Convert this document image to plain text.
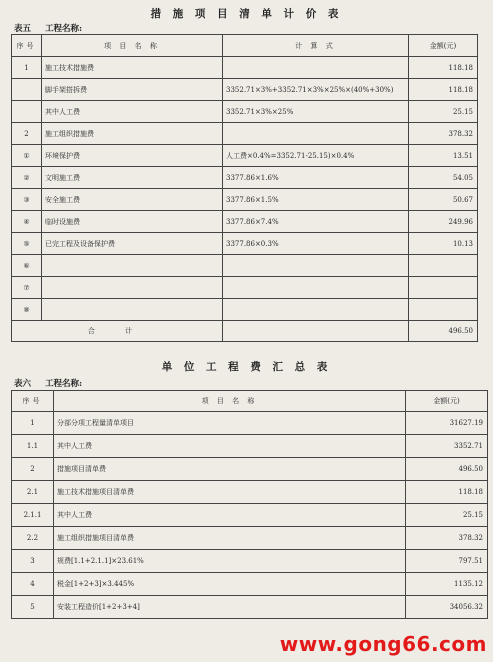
措 施 项 目 清 单 计 价 表
表五 工程名称:
序号	项 目 名 称	计 算 式	金额(元)
1	施工技术措施费		118.18
	脚手架搭拆费	3352.71×3%+3352.71×3%×25%×(40%+30%)	118.18
	其中人工费	3352.71×3%×25%	25.15
2	施工组织措施费		378.32
①	环境保护费	人工费×0.4%=3352.71-25.15)×0.4%	13.51
②	文明施工费	3377.86×1.6%	54.05
③	安全施工费	3377.86×1.5%	50.67
④	临时设施费	3377.86×7.4%	249.96
⑤	已完工程及设备保护费	3377.86×0.3%	10.13
⑥			
⑦			
⑧			
合 计			496.50
单 位 工 程 费 汇 总 表
表六 工程名称:
序号	项 目 名 称	金额(元)
1	分部分项工程量清单项目	31627.19
1.1	其中人工费	3352.71
2	措施项目清单费	496.50
2.1	施工技术措施项目清单费	118.18
2.1.1	其中人工费	25.15
2.2	施工组织措施项目清单费	378.32
3	规费[1.1+2.1.1]×23.61%	797.51
4	税金[1+2+3]×3.445%	1135.12
5	安装工程造价[1+2+3+4]	34056.32
www.gong66.com
